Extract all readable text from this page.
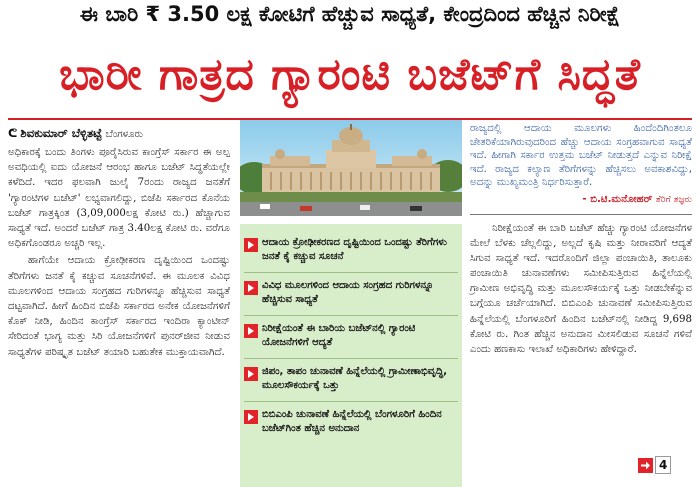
ಈ ಬಾರಿ ₹ 3.50 ಲಕ್ಷ ಕೋಟಿಗೆ ಹೆಚ್ಚುವ ಸಾಧ್ಯತೆ, ಕೇಂದ್ರದಿಂದ ಹೆಚ್ಚಿನ ನಿರೀಕ್ಷೆ
ಭಾರೀ ಗಾತ್ರದ ಗ್ಯಾರಂಟಿ ಬಜೆಟ್‌ಗೆ ಸಿದ್ಧತೆ
ᕦ ಶಿವಕುಮಾರ್ ಬೆಳ್ಳಿತಟ್ಟೆ ಬೆಂಗಳೂರು

ಅಧಿಕಾರಕ್ಕೆ ಬಂದು ತಿಂಗಳು ಪೂರೈಸಿರುವ ಕಾಂಗ್ರೆಸ್ ಸರ್ಕಾರ ಈ ಅಲ್ಪ ಅವಧಿಯಲ್ಲಿ ಐದು ಯೋಜನೆ ಆರಂಭ ಹಾಗೂ ಬಜೆಟ್ ಸಿದ್ಧತೆಯಲ್ಲೇ ಕಳೆದಿದೆ. ಇದರ ಫಲವಾಗಿ ಜುಲೈ 7ರಂದು ರಾಜ್ಯದ ಜನತೆಗೆ 'ಗ್ಯಾರಂಟಿಗಳ ಬಜೆಟ್' ಲಭ್ಯವಾಗಲಿದ್ದು, ಬಿಜೆಪಿ ಸರ್ಕಾರದ ಕೊನೆಯ ಬಜೆಟ್ ಗಾತ್ರಕ್ಕಿಂತ (3,09,000ಲಕ್ಷ ಕೋಟಿ ರು.) ಹೆಚ್ಚಾಗುವ ಸಾಧ್ಯತೆ ಇದೆ. ಅಂದರೆ ಬಜೆಟ್ ಗಾತ್ರ 3.40ಲಕ್ಷ ಕೋಟಿ ರು. ವರೆಗೂ ಅಧಿಕಗೊಂಡರೂ ಅಚ್ಚರಿ ಇಲ್ಲ.

ಹಾಗೆಯೇ ಆದಾಯ ಕ್ರೋಢೀಕರಣ ದೃಷ್ಟಿಯಿಂದ ಒಂದಷ್ಟು ತೆರಿಗೆಗಳು ಜನತೆ ಕೈ ಕಚ್ಚುವ ಸೂಚನೆಗಳಿವೆ. ಈ ಮೂಲಕ ವಿವಿಧ ಮೂಲಗಳಿಂದ ಆದಾಯ ಸಂಗ್ರಹದ ಗುರಿಗಳನ್ನೂ ಹೆಚ್ಚಿಸುವ ಸಾಧ್ಯತೆ ದಟ್ಟವಾಗಿದೆ. ಹೀಗೆ ಹಿಂದಿನ ಬಿಜೆಪಿ ಸರ್ಕಾರದ ಅನೇಕ ಯೋಜನೆಗಳಿಗೆ ಕೊಕ್ ನೀಡಿ, ಹಿಂದಿನ ಕಾಂಗ್ರೆಸ್ ಸರ್ಕಾರದ ಇಂದಿರಾ ಕ್ಯಾಂಟೀನ್ ಸೇರಿದಂತೆ ಭಾಗ್ಯ ಮತ್ತು ಸಿರಿ ಯೋಜನೆಗಳಿಗೆ ಪುನರ್‌ಜೀವ ನೀಡುವ ಸಾಧ್ಯತೆಗಳ ಪರಿಷ್ಕೃತ ಬಜೆಟ್ ತಯಾರಿ ಬಹುತೇಕ ಮುಕ್ತಾಯವಾಗಿದೆ.

ಆದಾಯ ಕ್ರೋಢೀಕರಣದ ದೃಷ್ಟಿಯಿಂದ ಒಂದಷ್ಟು ತೆರಿಗೆಗಳು ಜನತೆ ಕೈ ಕಚ್ಚುವ ಸೂಚನೆ
ವಿವಿಧ ಮೂಲಗಳಿಂದ ಆದಾಯ ಸಂಗ್ರಹದ ಗುರಿಗಳನ್ನೂ ಹೆಚ್ಚಿಸುವ ಸಾಧ್ಯತೆ
ನಿರೀಕ್ಷೆಯಂತೆ ಈ ಬಾರಿಯ ಬಜೆಟ್‌ನಲ್ಲಿ ಗ್ಯಾರಂಟಿ ಯೋಜನೆಗಳಿಗೆ ಆದ್ಯತೆ
ಜಿಪಂ, ತಾಪಂ ಚುನಾವಣೆ ಹಿನ್ನೆಲೆಯಲ್ಲಿ ಗ್ರಾಮೀಣಾಭಿವೃದ್ಧಿ, ಮೂಲಸೌಕರ್ಯಕ್ಕೆ ಒತ್ತು
ಬಿಬಿಎಂಪಿ ಚುನಾವಣೆ ಹಿನ್ನೆಲೆಯಲ್ಲಿ ಬೆಂಗಳೂರಿಗೆ ಹಿಂದಿನ ಬಜೆಟ್‌ಗಿಂತ ಹೆಚ್ಚಿನ ಅನುದಾನ
ರಾಜ್ಯದಲ್ಲಿ ಆದಾಯ ಮೂಲಗಳು ಹಿಂದೆಂದಿಗಿಂತಲೂ ಚೇತರಿಕೆಯಾಗಿರುವುದರಿಂದ ಹೆಚ್ಚು ಆದಾಯ ಸಂಗ್ರಹವಾಗುವ ಸಾಧ್ಯತೆ ಇದೆ. ಹೀಗಾಗಿ ಸರ್ಕಾರ ಉತ್ತಮ ಬಜೆಟ್ ನೀಡುತ್ತದೆ ಎನ್ನುವ ನಿರೀಕ್ಷೆ ಇದೆ. ರಾಜ್ಯದ ಕಲ್ಯಾಣ ತೆರಿಗೆಗಳನ್ನು ಹೆಚ್ಚಿಸಲು ಅವಕಾಶವಿದ್ದು, ಅದನ್ನು ಮುಖ್ಯಮಂತ್ರಿ ನಿರ್ಧರಿಸುತ್ತಾರೆ.
- ಬಿ.ಟಿ.ಮನೋಹರ್ ತೆರಿಗೆ ತಜ್ಞರು

ನಿರೀಕ್ಷೆಯಂತೆ ಈ ಬಾರಿ ಬಜೆಟ್ ಹೆಚ್ಚು ಗ್ಯಾರಂಟಿ ಯೋಜನೆಗಳ ಮೇಲೆ ಬೆಳಕು ಚೆಲ್ಲಲಿದ್ದು, ಅಲ್ಲದೆ ಕೃಷಿ ಮತ್ತು ನೀರಾವರಿಗೆ ಆದ್ಯತೆ ಸಿಗುವ ಸಾಧ್ಯತೆ ಇದೆ. ಇದರೊಂದಿಗೆ ಜಿಲ್ಲಾ ಪಂಚಾಯಿತಿ, ತಾಲೂಕು ಪಂಚಾಯಿತಿ ಚುನಾವಣೆಗಳು ಸಮೀಪಿಸುತ್ತಿರುವ ಹಿನ್ನೆಲೆಯಲ್ಲಿ ಗ್ರಾಮೀಣ ಅಭಿವೃದ್ಧಿ ಮತ್ತು ಮೂಲಸೌಕರ್ಯಕ್ಕೆ ಒತ್ತು ನೀಡಬೇಕೆನ್ನುವ ಬಗ್ಗೆಯೂ ಚರ್ಚೆಯಾಗಿದೆ. ಬಿಬಿಎಂಪಿ ಚುನಾವಣೆ ಸಮೀಪಿಸುತ್ತಿರುವ ಹಿನ್ನೆಲೆಯಲ್ಲಿ ಬೆಂಗಳೂರಿಗೆ ಹಿಂದಿನ ಬಜೆಟ್‌ನಲ್ಲಿ ನೀಡಿದ್ದ 9,698 ಕೋಟಿ ರು. ಗಿಂತ ಹೆಚ್ಚಿನ ಅನುದಾನ ಮೀಸಲಿಡುವ ಸೂಚನೆ ಗಳಿವೆ ಎಂದು ಹಣಕಾಸು ಇಲಾಖೆ ಅಧಿಕಾರಿಗಳು ಹೇಳಿದ್ದಾರೆ.

4
